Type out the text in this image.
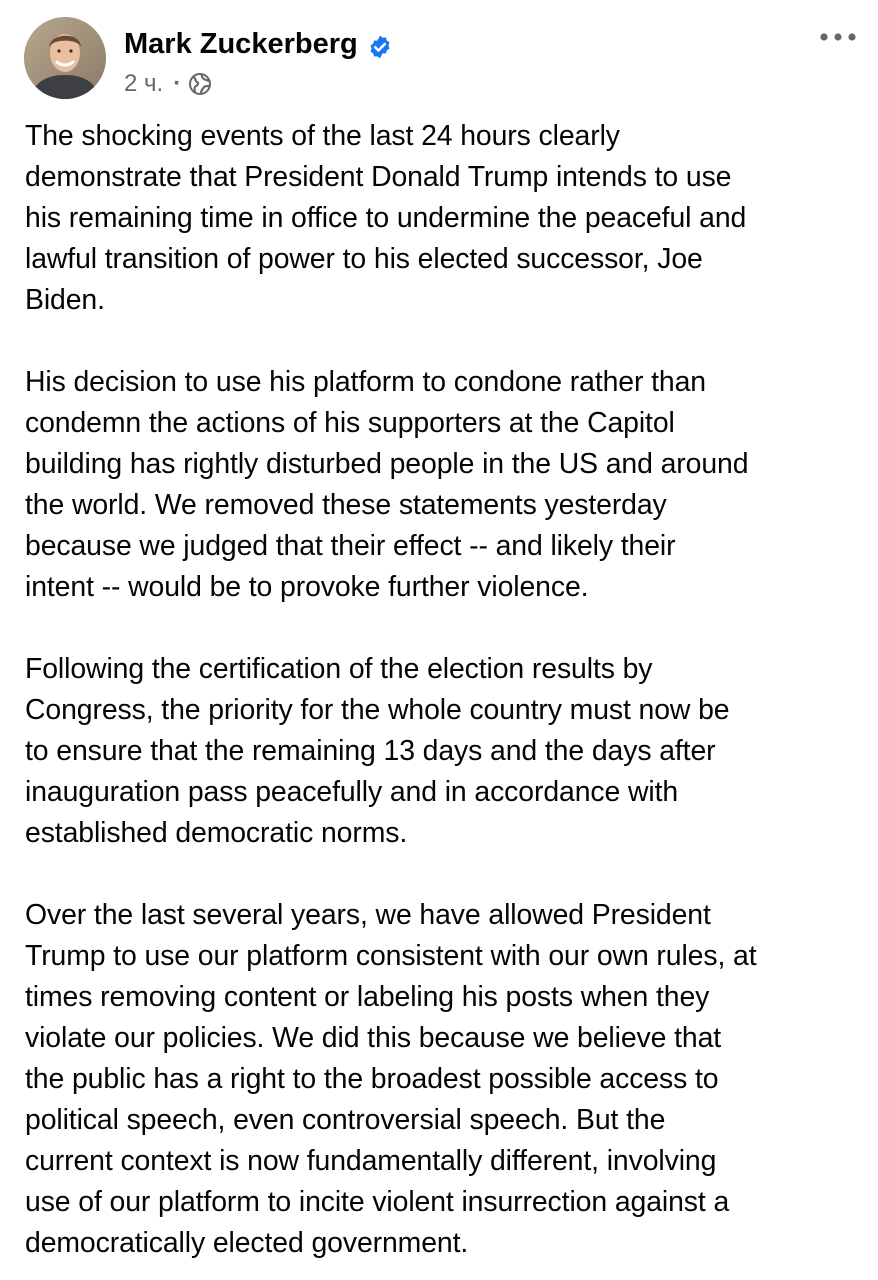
Mark Zuckerberg
2 ч. ·

The shocking events of the last 24 hours clearly
demonstrate that President Donald Trump intends to use
his remaining time in office to undermine the peaceful and
lawful transition of power to his elected successor, Joe
Biden.

His decision to use his platform to condone rather than
condemn the actions of his supporters at the Capitol
building has rightly disturbed people in the US and around
the world. We removed these statements yesterday
because we judged that their effect -- and likely their
intent -- would be to provoke further violence.

Following the certification of the election results by
Congress, the priority for the whole country must now be
to ensure that the remaining 13 days and the days after
inauguration pass peacefully and in accordance with
established democratic norms.

Over the last several years, we have allowed President
Trump to use our platform consistent with our own rules, at
times removing content or labeling his posts when they
violate our policies. We did this because we believe that
the public has a right to the broadest possible access to
political speech, even controversial speech. But the
current context is now fundamentally different, involving
use of our platform to incite violent insurrection against a
democratically elected government.
